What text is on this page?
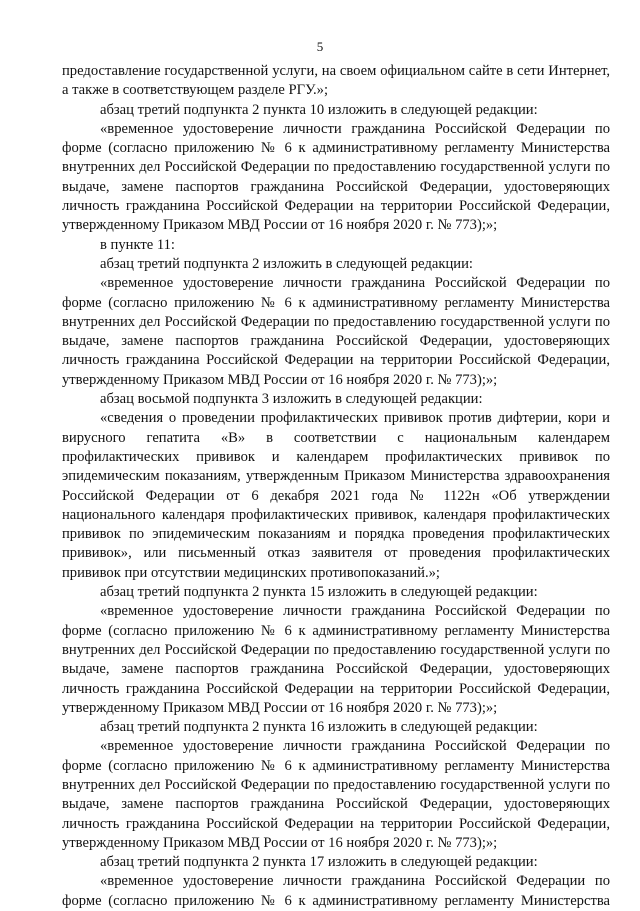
5

предоставление государственной услуги, на своем официальном сайте в сети Интернет, а также в соответствующем разделе РГУ.»;

абзац третий подпункта 2 пункта 10 изложить в следующей редакции:

«временное удостоверение личности гражданина Российской Федерации по форме (согласно приложению № 6 к административному регламенту Министерства внутренних дел Российской Федерации по предоставлению государственной услуги по выдаче, замене паспортов гражданина Российской Федерации, удостоверяющих личность гражданина Российской Федерации на территории Российской Федерации, утвержденному Приказом МВД России от 16 ноября 2020 г. № 773);»;

в пункте 11:

абзац третий подпункта 2 изложить в следующей редакции:

«временное удостоверение личности гражданина Российской Федерации по форме (согласно приложению № 6 к административному регламенту Министерства внутренних дел Российской Федерации по предоставлению государственной услуги по выдаче, замене паспортов гражданина Российской Федерации, удостоверяющих личность гражданина Российской Федерации на территории Российской Федерации, утвержденному Приказом МВД России от 16 ноября 2020 г. № 773);»;

абзац восьмой подпункта 3 изложить в следующей редакции:

«сведения о проведении профилактических прививок против дифтерии, кори и вирусного гепатита «В» в соответствии с национальным календарем профилактических прививок и календарем профилактических прививок по эпидемическим показаниям, утвержденным Приказом Министерства здравоохранения Российской Федерации от 6 декабря 2021 года № 1122н «Об утверждении национального календаря профилактических прививок, календаря профилактических прививок по эпидемическим показаниям и порядка проведения профилактических прививок», или письменный отказ заявителя от проведения профилактических прививок при отсутствии медицинских противопоказаний.»;

абзац третий подпункта 2 пункта 15 изложить в следующей редакции:

«временное удостоверение личности гражданина Российской Федерации по форме (согласно приложению № 6 к административному регламенту Министерства внутренних дел Российской Федерации по предоставлению государственной услуги по выдаче, замене паспортов гражданина Российской Федерации, удостоверяющих личность гражданина Российской Федерации на территории Российской Федерации, утвержденному Приказом МВД России от 16 ноября 2020 г. № 773);»;

абзац третий подпункта 2 пункта 16 изложить в следующей редакции:

«временное удостоверение личности гражданина Российской Федерации по форме (согласно приложению № 6 к административному регламенту Министерства внутренних дел Российской Федерации по предоставлению государственной услуги по выдаче, замене паспортов гражданина Российской Федерации, удостоверяющих личность гражданина Российской Федерации на территории Российской Федерации, утвержденному Приказом МВД России от 16 ноября 2020 г. № 773);»;

абзац третий подпункта 2 пункта 17 изложить в следующей редакции:

«временное удостоверение личности гражданина Российской Федерации по форме (согласно приложению № 6 к административному регламенту Министерства
